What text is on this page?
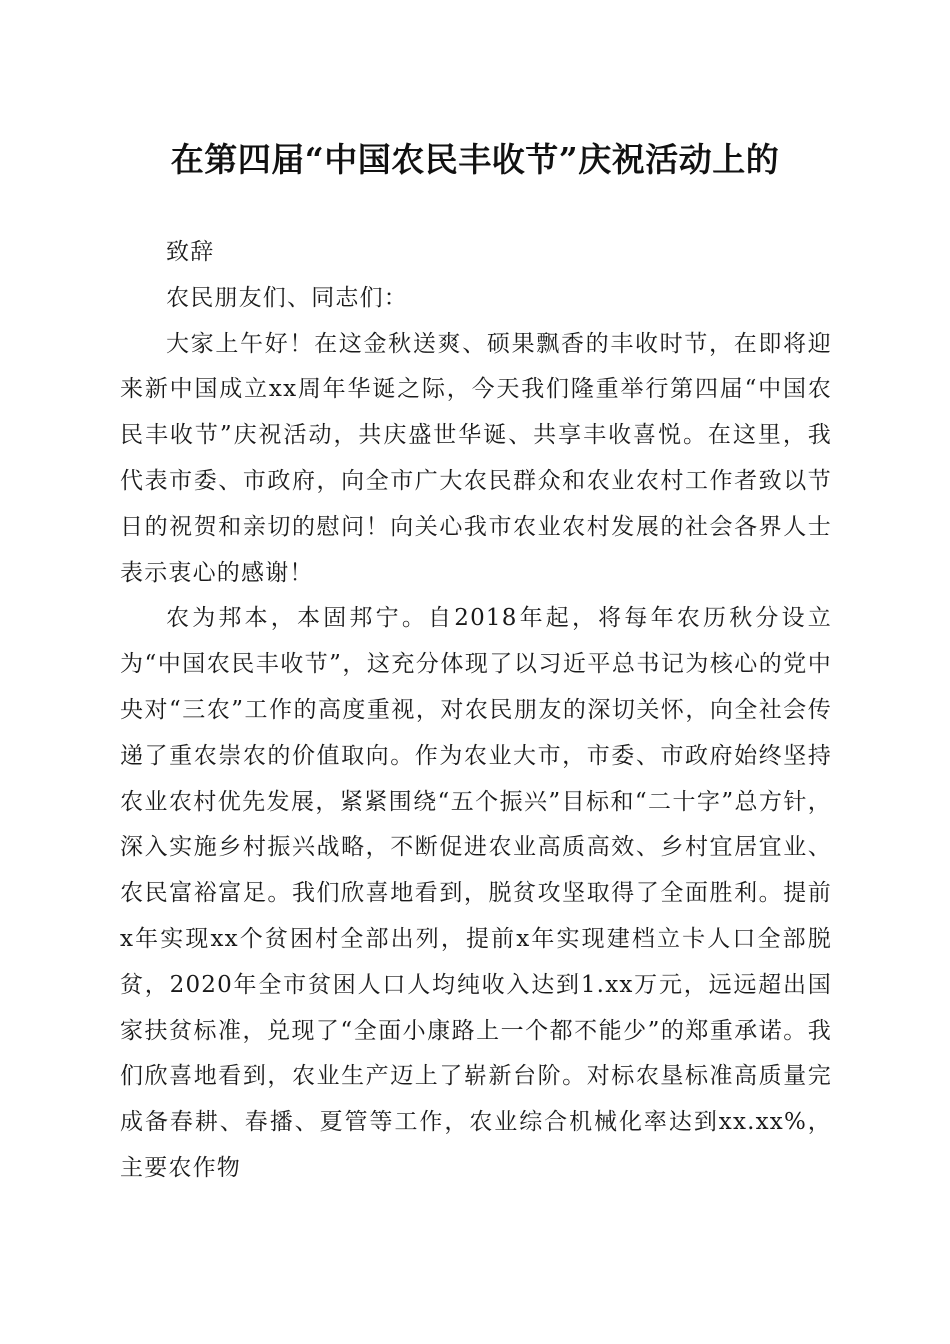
在第四届“中国农民丰收节”庆祝活动上的

致辞

农民朋友们、同志们：

大家上午好！在这金秋送爽、硕果飘香的丰收时节，在即将迎来新中国成立xx周年华诞之际，今天我们隆重举行第四届“中国农民丰收节”庆祝活动，共庆盛世华诞、共享丰收喜悦。在这里，我代表市委、市政府，向全市广大农民群众和农业农村工作者致以节日的祝贺和亲切的慰问！向关心我市农业农村发展的社会各界人士表示衷心的感谢！

农为邦本，本固邦宁。自2018年起，将每年农历秋分设立为“中国农民丰收节”，这充分体现了以习近平总书记为核心的党中央对“三农”工作的高度重视，对农民朋友的深切关怀，向全社会传递了重农崇农的价值取向。作为农业大市，市委、市政府始终坚持农业农村优先发展，紧紧围绕“五个振兴”目标和“二十字”总方针，深入实施乡村振兴战略，不断促进农业高质高效、乡村宜居宜业、农民富裕富足。我们欣喜地看到，脱贫攻坚取得了全面胜利。提前x年实现xx个贫困村全部出列，提前x年实现建档立卡人口全部脱贫，2020年全市贫困人口人均纯收入达到1.xx万元，远远超出国家扶贫标准，兑现了“全面小康路上一个都不能少”的郑重承诺。我们欣喜地看到，农业生产迈上了崭新台阶。对标农垦标准高质量完成备春耕、春播、夏管等工作，农业综合机械化率达到xx.xx%，主要农作物
